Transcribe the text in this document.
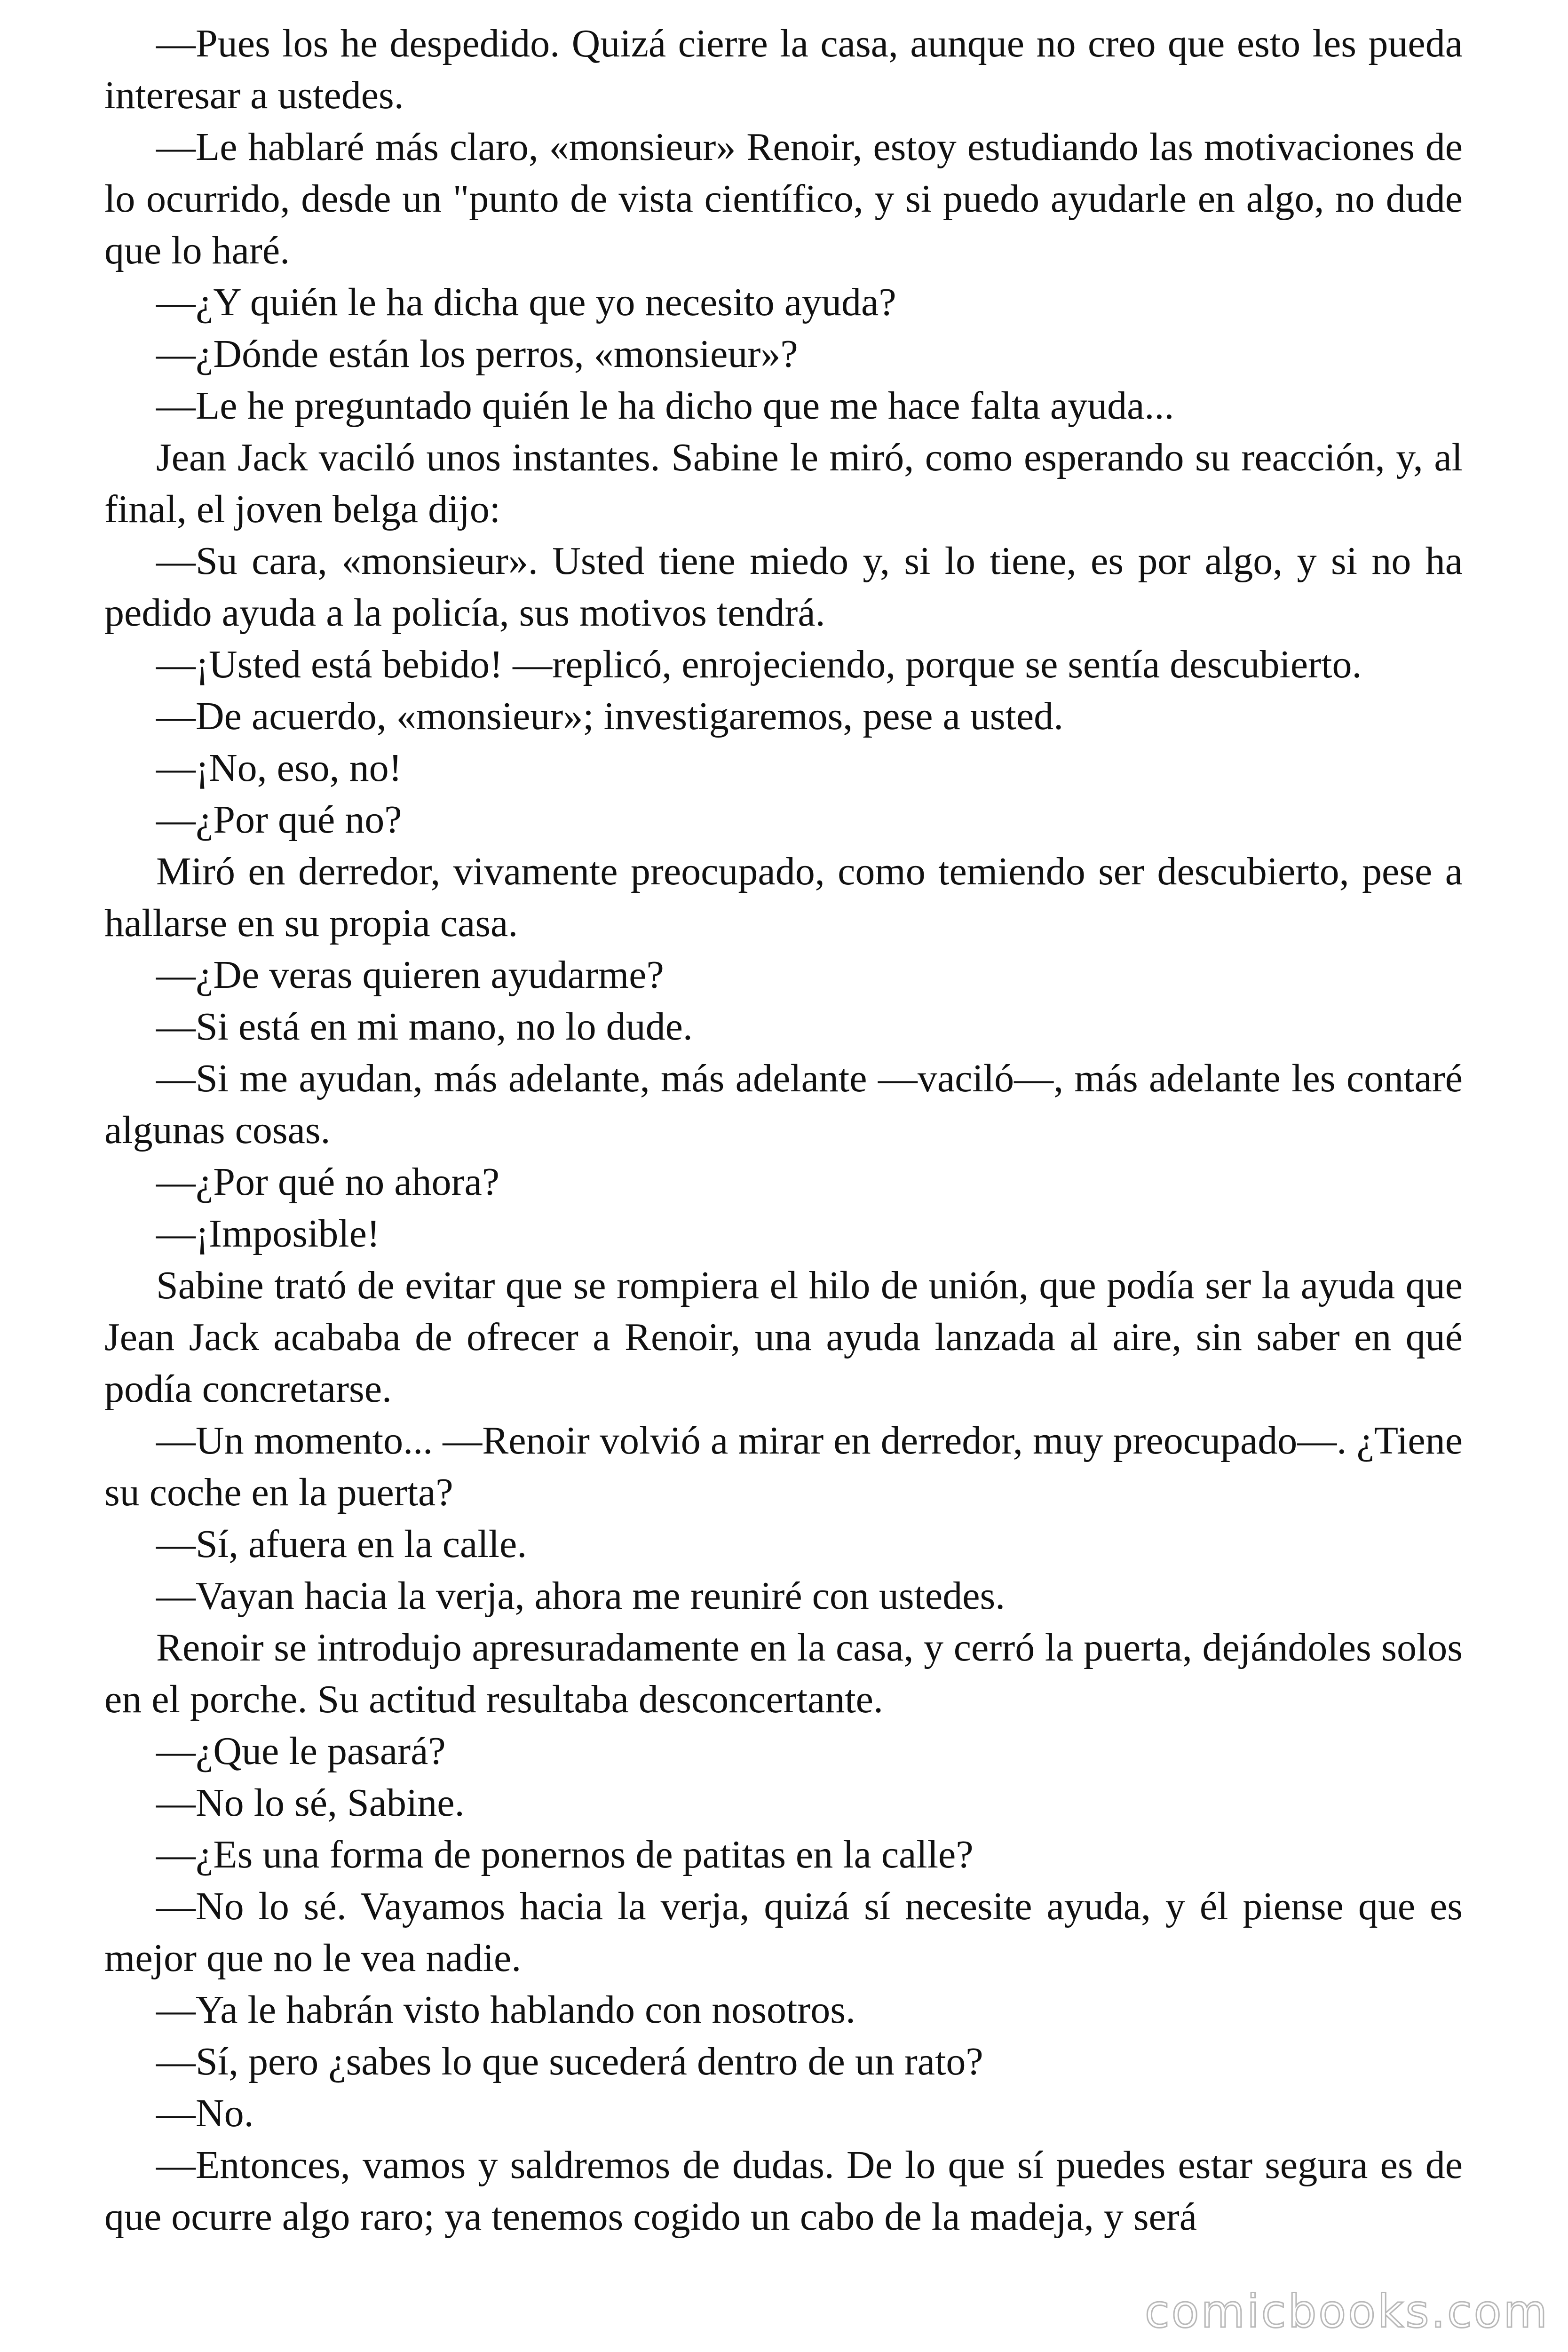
—Pues los he despedido. Quizá cierre la casa, aunque no creo que esto les pueda interesar a ustedes.

—Le hablaré más claro, «monsieur» Renoir, estoy estudiando las motivaciones de lo ocurrido, desde un "punto de vista científico, y si puedo ayudarle en algo, no dude que lo haré.

—¿Y quién le ha dicha que yo necesito ayuda?

—¿Dónde están los perros, «monsieur»?

—Le he preguntado quién le ha dicho que me hace falta ayuda...

Jean Jack vaciló unos instantes. Sabine le miró, como esperando su reacción, y, al final, el joven belga dijo:

—Su cara, «monsieur». Usted tiene miedo y, si lo tiene, es por algo, y si no ha pedido ayuda a la policía, sus motivos tendrá.

—¡Usted está bebido! —replicó, enrojeciendo, porque se sentía descubierto.

—De acuerdo, «monsieur»; investigaremos, pese a usted.

—¡No, eso, no!

—¿Por qué no?

Miró en derredor, vivamente preocupado, como temiendo ser descubierto, pese a hallarse en su propia casa.

—¿De veras quieren ayudarme?

—Si está en mi mano, no lo dude.

—Si me ayudan, más adelante, más adelante —vaciló—, más adelante les contaré algunas cosas.

—¿Por qué no ahora?

—¡Imposible!

Sabine trató de evitar que se rompiera el hilo de unión, que podía ser la ayuda que Jean Jack acababa de ofrecer a Renoir, una ayuda lanzada al aire, sin saber en qué podía concretarse.

—Un momento... —Renoir volvió a mirar en derredor, muy preocupado—. ¿Tiene su coche en la puerta?

—Sí, afuera en la calle.

—Vayan hacia la verja, ahora me reuniré con ustedes.

Renoir se introdujo apresuradamente en la casa, y cerró la puerta, dejándoles solos en el porche. Su actitud resultaba desconcertante.

—¿Que le pasará?

—No lo sé, Sabine.

—¿Es una forma de ponernos de patitas en la calle?

—No lo sé. Vayamos hacia la verja, quizá sí necesite ayuda, y él piense que es mejor que no le vea nadie.

—Ya le habrán visto hablando con nosotros.

—Sí, pero ¿sabes lo que sucederá dentro de un rato?

—No.

—Entonces, vamos y saldremos de dudas. De lo que sí puedes estar segura es de que ocurre algo raro; ya tenemos cogido un cabo de la madeja, y será

comicbooks.com
